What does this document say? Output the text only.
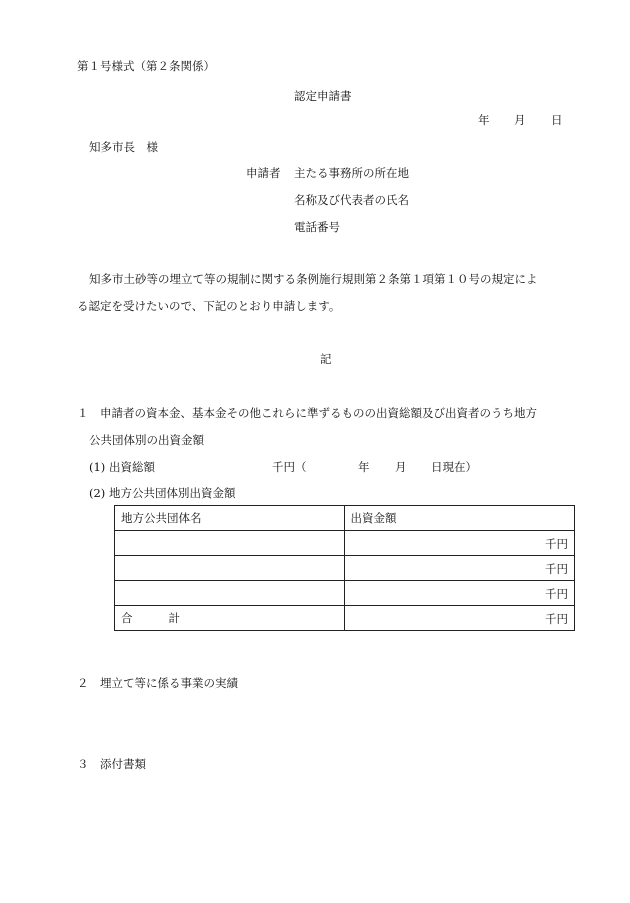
第１号様式（第２条関係）
認定申請書
年 月 日
知多市長　様
申請者 主たる事務所の所在地
名称及び代表者の氏名
電話番号
知多市土砂等の埋立て等の規制に関する条例施行規則第２条第１項第１０号の規定によ
る認定を受けたいので、下記のとおり申請します。
記
１　申請者の資本金、基本金その他これらに準ずるものの出資総額及び出資者のうち地方
公共団体別の出資金額
(1) 出資総額	千円（	年 月 日現在）
(2) 地方公共団体別出資金額
地方公共団体名	出資金額
	千円
	千円
	千円
合 計	千円
２　埋立て等に係る事業の実績
３　添付書類
